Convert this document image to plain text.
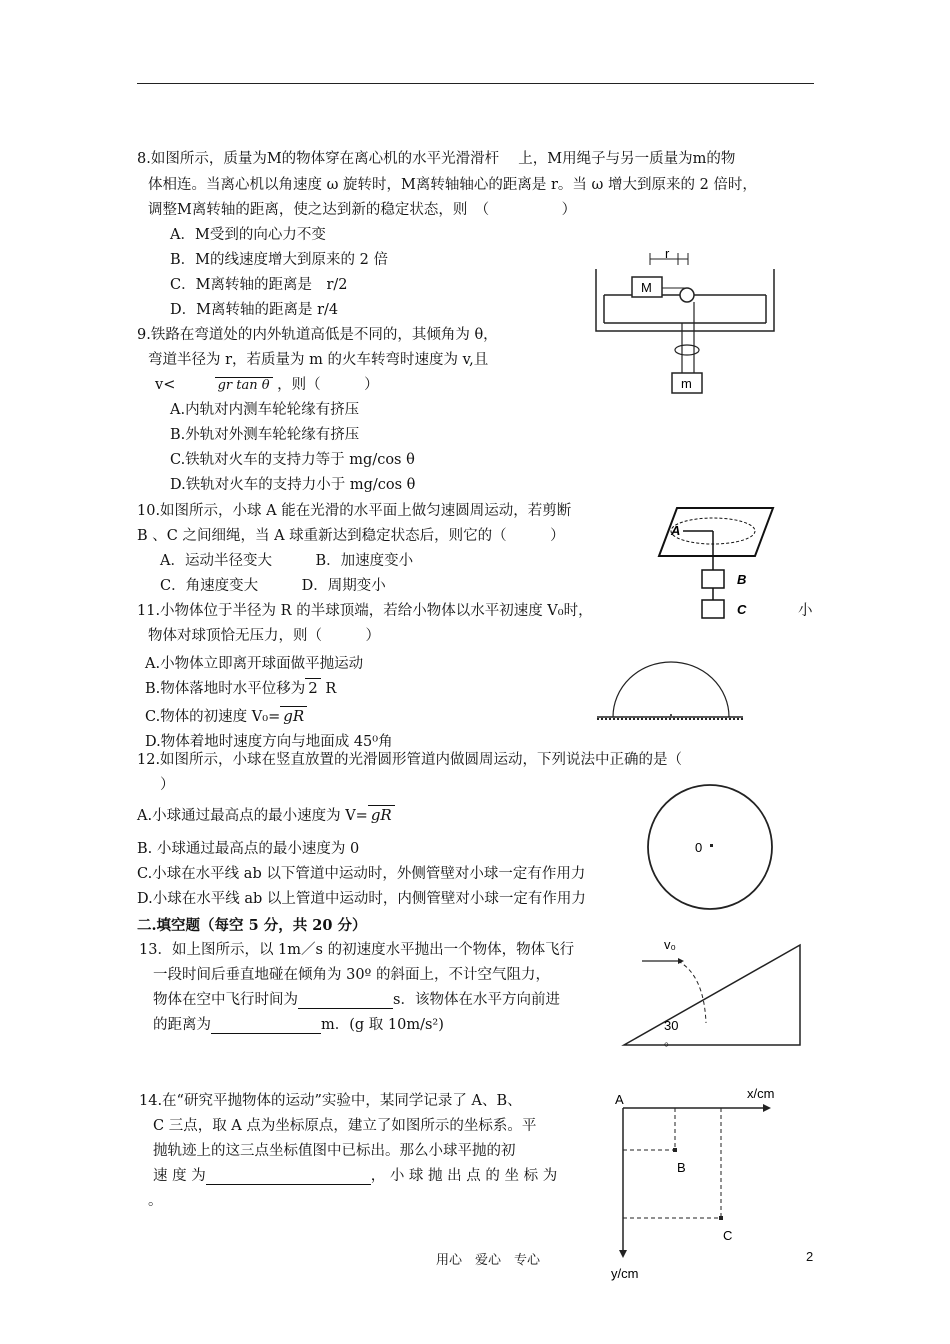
8.如图所示，质量为M的物体穿在离心机的水平光滑滑杆　 上，M用绳子与另一质量为m的物
体相连。当离心机以角速度 ω 旋转时，M离转轴轴心的距离是 r。当 ω 增大到原来的 2 倍时，
调整M离转轴的距离，使之达到新的稳定状态，则　（　　　　　）
A．M受到的向心力不变
B．M的线速度增大到原来的 2 倍
C．M离转轴的距离是　r/2
D．M离转轴的距离是 r/4
M
r
m
9.铁路在弯道处的内外轨道高低是不同的，其倾角为 θ，
弯道半径为 r，若质量为 m 的火车转弯时速度为 v,且
v<	gr tan θ ，则（　　　）
A.内轨对内测车轮轮缘有挤压
B.外轨对外测车轮轮缘有挤压
C.铁轨对火车的支持力等于 mg/cos θ
D.铁轨对火车的支持力小于 mg/cos θ
10.如图所示，小球 A 能在光滑的水平面上做匀速圆周运动，若剪断
B 、C 之间细绳，当 A 球重新达到稳定状态后，则它的（　　　）
A．运动半径变大　　　B．加速度变小
C．角速度变大　　　D．周期变小
A
B
C
11.小物体位于半径为 R 的半球顶端，若给小物体以水平初速度 V₀时，	小
物体对球顶恰无压力，则（　　　）
A.小物体立即离开球面做平抛运动
B.物体落地时水平位移为 2 R
C.物体的初速度 V₀= gR
D.物体着地时速度方向与地面成 45⁰角
12.如图所示，小球在竖直放置的光滑圆形管道内做圆周运动，下列说法中正确的是（
）
A.小球通过最高点的最小速度为 V= gR
B. 小球通过最高点的最小速度为 0
C.小球在水平线 ab 以下管道中运动时，外侧管壁对小球一定有作用力
D.小球在水平线 ab 以上管道中运动时，内侧管壁对小球一定有作用力
0
二.填空题（每空 5 分，共 20 分）
13．如上图所示，以 1m／s 的初速度水平抛出一个物体，物体飞行
一段时间后垂直地碰在倾角为 30º 的斜面上，不计空气阻力，
物体在空中飞行时间为	s．该物体在水平方向前进
的距离为	m．(g 取 10m/s²)
v₀
30
。
14.在“研究平抛物体的运动”实验中，某同学记录了 A、B、
C 三点，取 A 点为坐标原点，建立了如图所示的坐标系。平
抛轨迹上的这三点坐标值图中已标出。那么小球平抛的初
速 度 为	， 小 球 抛 出 点 的 坐 标 为
。
A
B
C
x/cm
y/cm
用心　爱心　专心	2
